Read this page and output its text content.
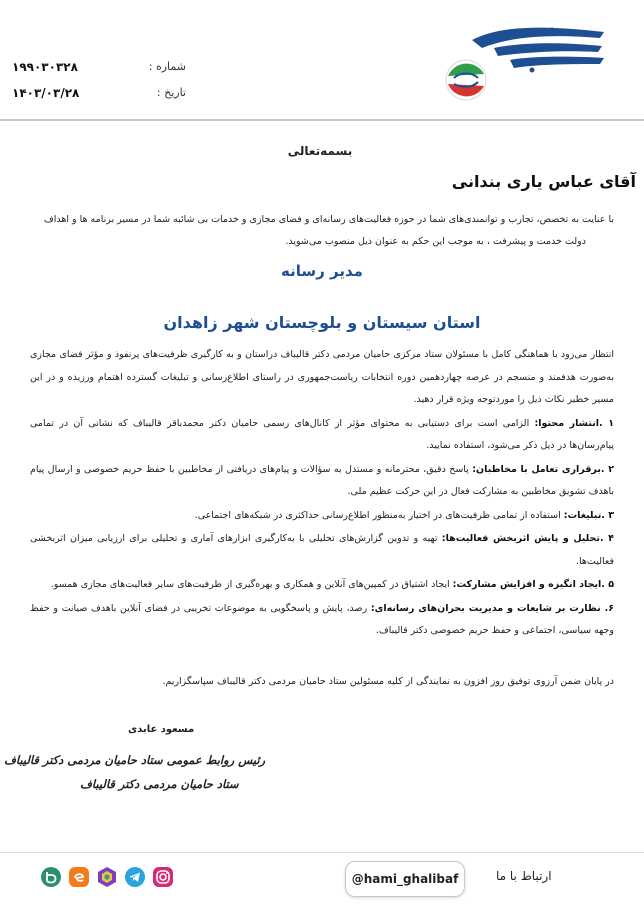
شماره :
تاریخ :
۱۹۹۰۳۰۳۲۸
۱۴۰۳/۰۳/۲۸
بسمه‌تعالی
آقای عباس یاری بندانی
با عنایت به تخصص، تجارب و توانمندی‌های شما در حوزه فعالیت‌های رسانه‌ای و فضای مجازی و خدمات بی شائبه شما در مسیر برنامه ها و اهداف دولت خدمت و پیشرفت ، به موجب این حکم به عنوان ذیل منصوب می‌شوید.
مدیر رسانه
استان سیستان و بلوچستان شهر زاهدان

انتظار می‌رود با هماهنگی کامل با مسئولان ستاد مرکزی حامیان مردمی دکتر قالیباف دراستان و به کارگیری ظرفیت‌های پرنفوذ و مؤثر فضای مجازی به‌صورت هدفمند و منسجم در عرصه چهاردهمین دوره انتخابات ریاست‌جمهوری در راستای اطلاع‌رسانی و تبلیغات گسترده اهتمام ورزیده و در این مسیر خطیر نکات ذیل را موردتوجه ویژه قرار دهید.

۱ .انتشار محتوا: الزامی است برای دستیابی به محتوای مؤثر از کانال‌های رسمی حامیان دکتر محمدباقر قالیباف که نشانی آن در تمامی پیام‌رسان‌ها در ذیل ذکر می‌شود، استفاده نمایید.

۲ .برقراری تعامل با مخاطبان: پاسخ دقیق، محترمانه و مستدل به سؤالات و پیام‌های دریافتی از مخاطبین با حفظ حریم خصوصی و ارسال پیام باهدف تشویق مخاطبین به مشارکت فعال در این حرکت عظیم ملی.

۳ .تبلیغات: استفاده از تمامی ظرفیت‌های در اختیار به‌منظور اطلاع‌رسانی حداکثری در شبکه‌های اجتماعی.

۴ .تحلیل و پایش اثربخش فعالیت‌ها: تهیه و تدوین گزارش‌های تحلیلی با به‌کارگیری ابزارهای آماری و تحلیلی برای ارزیابی میزان اثربخشی فعالیت‌ها.

۵ .ایجاد انگیزه و افزایش مشارکت: ایجاد اشتیاق در کمپین‌های آنلاین و همکاری و بهره‌گیری از ظرفیت‌های سایر فعالیت‌های مجازی همسو.

۶. نظارت بر شایعات و مدیریت بحران‌های رسانه‌ای: رصد، پایش و پاسخگویی به موضوعات تخریبی در فضای آنلاین باهدف صیانت و حفظ وجهه سیاسی، اجتماعی و حفظ حریم خصوصی دکتر قالیباف.

در پایان ضمن آرزوی توفیق روز افزون به نمایندگی از کلیه مسئولین ستاد حامیان مردمی دکتر قالیباف سپاسگزاریم.
مسعود عابدی
رئیس روابط عمومی ستاد حامیان مردمی دکتر قالیباف
ستاد حامیان مردمی دکتر قالیباف
ارتباط با ما
@hami_ghalibaf
